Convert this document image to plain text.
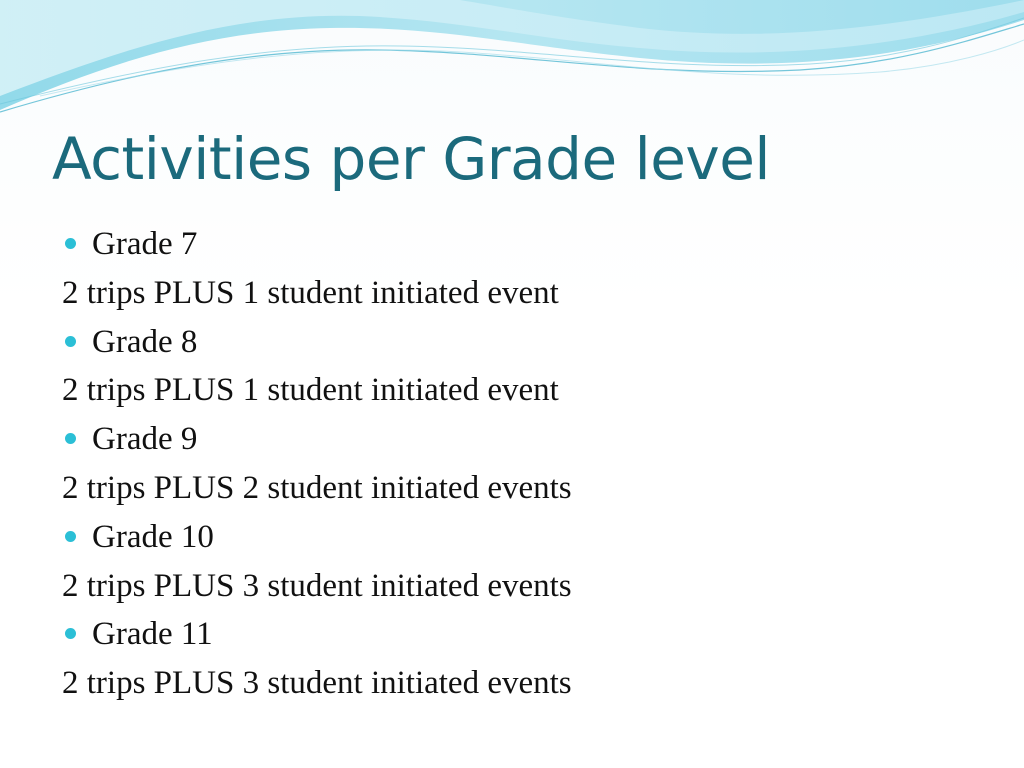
Activities per Grade level
Grade 7
2 trips PLUS 1 student initiated event
Grade 8
2 trips PLUS 1 student initiated event
Grade 9
2 trips PLUS 2 student initiated events
Grade 10
2 trips PLUS 3 student initiated events
Grade 11
2 trips PLUS 3 student initiated events
